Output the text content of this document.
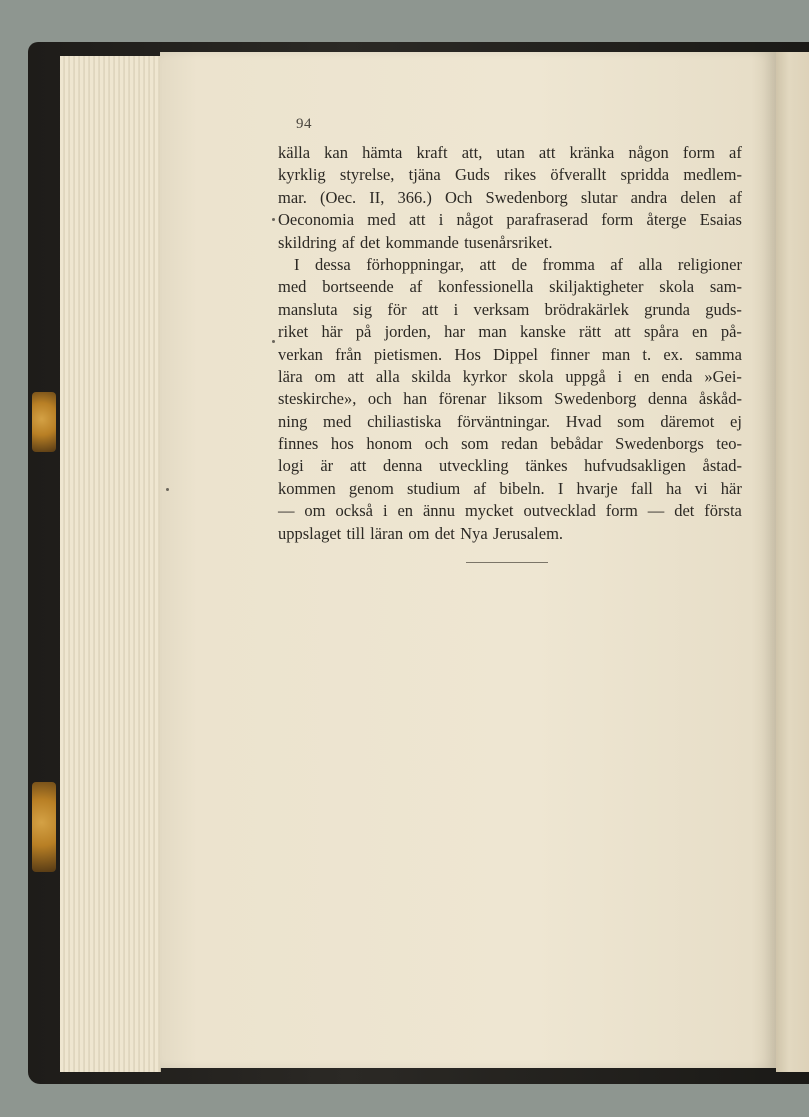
94
källa kan hämta kraft att, utan att kränka någon form af
kyrklig styrelse, tjäna Guds rikes öfverallt spridda medlem-
mar. (Oec. II, 366.) Och Swedenborg slutar andra delen af
Oeconomia med att i något parafraserad form återge Esaias
skildring af det kommande tusenårsriket.
I dessa förhoppningar, att de fromma af alla religioner
med bortseende af konfessionella skiljaktigheter skola sam-
mansluta sig för att i verksam brödrakärlek grunda guds-
riket här på jorden, har man kanske rätt att spåra en på-
verkan från pietismen. Hos Dippel finner man t. ex. samma
lära om att alla skilda kyrkor skola uppgå i en enda »Gei-
steskirche», och han förenar liksom Swedenborg denna åskåd-
ning med chiliastiska förväntningar. Hvad som däremot ej
finnes hos honom och som redan bebådar Swedenborgs teo-
logi är att denna utveckling tänkes hufvudsakligen åstad-
kommen genom studium af bibeln. I hvarje fall ha vi här
— om också i en ännu mycket outvecklad form — det första
uppslaget till läran om det Nya Jerusalem.
